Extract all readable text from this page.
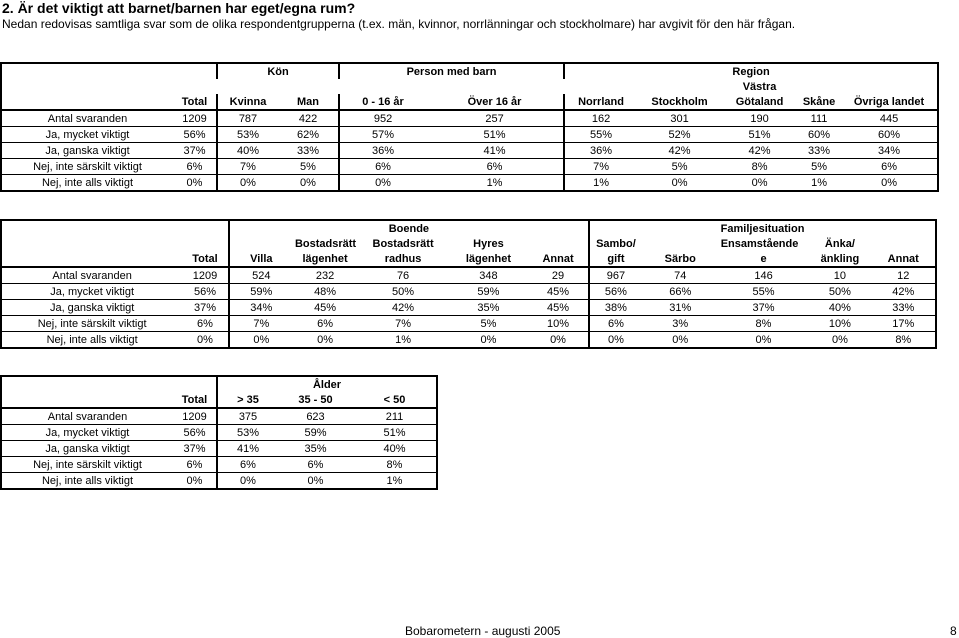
2. Är det viktigt att barnet/barnen har eget/egna rum?
Nedan redovisas samtliga svar som de olika respondentgrupperna (t.ex. män, kvinnor, norrlänningar och stockholmare) har avgivit för den här frågan.
		Kön		Person med barn		Region				
								Västra		
	Total	Kvinna	Man	0 - 16 år	Över 16 år	Norrland	Stockholm	Götaland	Skåne	Övriga landet
Antal svaranden	1209	787	422	952	257	162	301	190	111	445
Ja, mycket viktigt	56%	53%	62%	57%	51%	55%	52%	51%	60%	60%
Ja, ganska viktigt	37%	40%	33%	36%	41%	36%	42%	42%	33%	34%
Nej, inte särskilt viktigt	6%	7%	5%	6%	6%	7%	5%	8%	5%	6%
Nej, inte alls viktigt	0%	0%	0%	0%	1%	1%	0%	0%	1%	0%
		Boende					Familjesituation				
			Bostadsrätt	Bostadsrätt	Hyres		Sambo/		Ensamstående	Änka/	
	Total	Villa	lägenhet	radhus	lägenhet	Annat	gift	Särbo	e	änkling	Annat
Antal svaranden	1209	524	232	76	348	29	967	74	146	10	12
Ja, mycket viktigt	56%	59%	48%	50%	59%	45%	56%	66%	55%	50%	42%
Ja, ganska viktigt	37%	34%	45%	42%	35%	45%	38%	31%	37%	40%	33%
Nej, inte särskilt viktigt	6%	7%	6%	7%	5%	10%	6%	3%	8%	10%	17%
Nej, inte alls viktigt	0%	0%	0%	1%	0%	0%	0%	0%	0%	0%	8%
		Ålder		
	Total	> 35	35 - 50	< 50
Antal svaranden	1209	375	623	211
Ja, mycket viktigt	56%	53%	59%	51%
Ja, ganska viktigt	37%	41%	35%	40%
Nej, inte särskilt viktigt	6%	6%	6%	8%
Nej, inte alls viktigt	0%	0%	0%	1%
Bobarometern - augusti 2005	8
